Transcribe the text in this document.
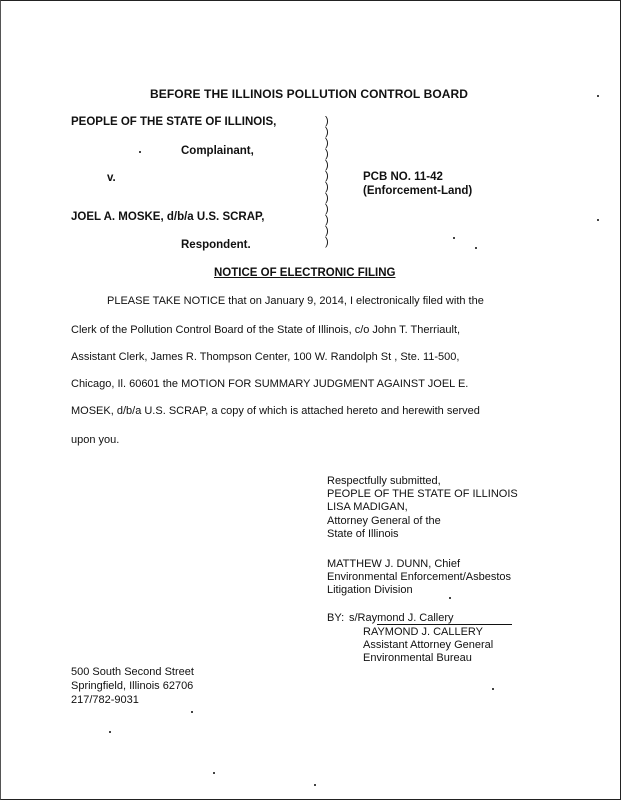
BEFORE THE ILLINOIS POLLUTION CONTROL BOARD
PEOPLE OF THE STATE OF ILLINOIS,
Complainant,
v.
JOEL A. MOSKE, d/b/a U.S. SCRAP,
Respondent.
)
)
)
)
)
)
)
)
)
)
)
)
PCB NO. 11-42
(Enforcement-Land)
NOTICE OF ELECTRONIC FILING
PLEASE TAKE NOTICE that on January 9, 2014, I electronically filed with the
Clerk of the Pollution Control Board of the State of Illinois, c/o John T. Therriault,
Assistant Clerk, James R. Thompson Center, 100 W. Randolph St , Ste. 11-500,
Chicago, Il. 60601 the MOTION FOR SUMMARY JUDGMENT AGAINST JOEL E.
MOSEK, d/b/a U.S. SCRAP, a copy of which is attached hereto and herewith served
upon you.
Respectfully submitted,
PEOPLE OF THE STATE OF ILLINOIS
LISA MADIGAN,
Attorney General of the
State of Illinois
MATTHEW J. DUNN, Chief
Environmental Enforcement/Asbestos
Litigation Division
BY: s/Raymond J. Callery
RAYMOND J. CALLERY
Assistant Attorney General
Environmental Bureau
500 South Second Street
Springfield, Illinois 62706
217/782-9031
